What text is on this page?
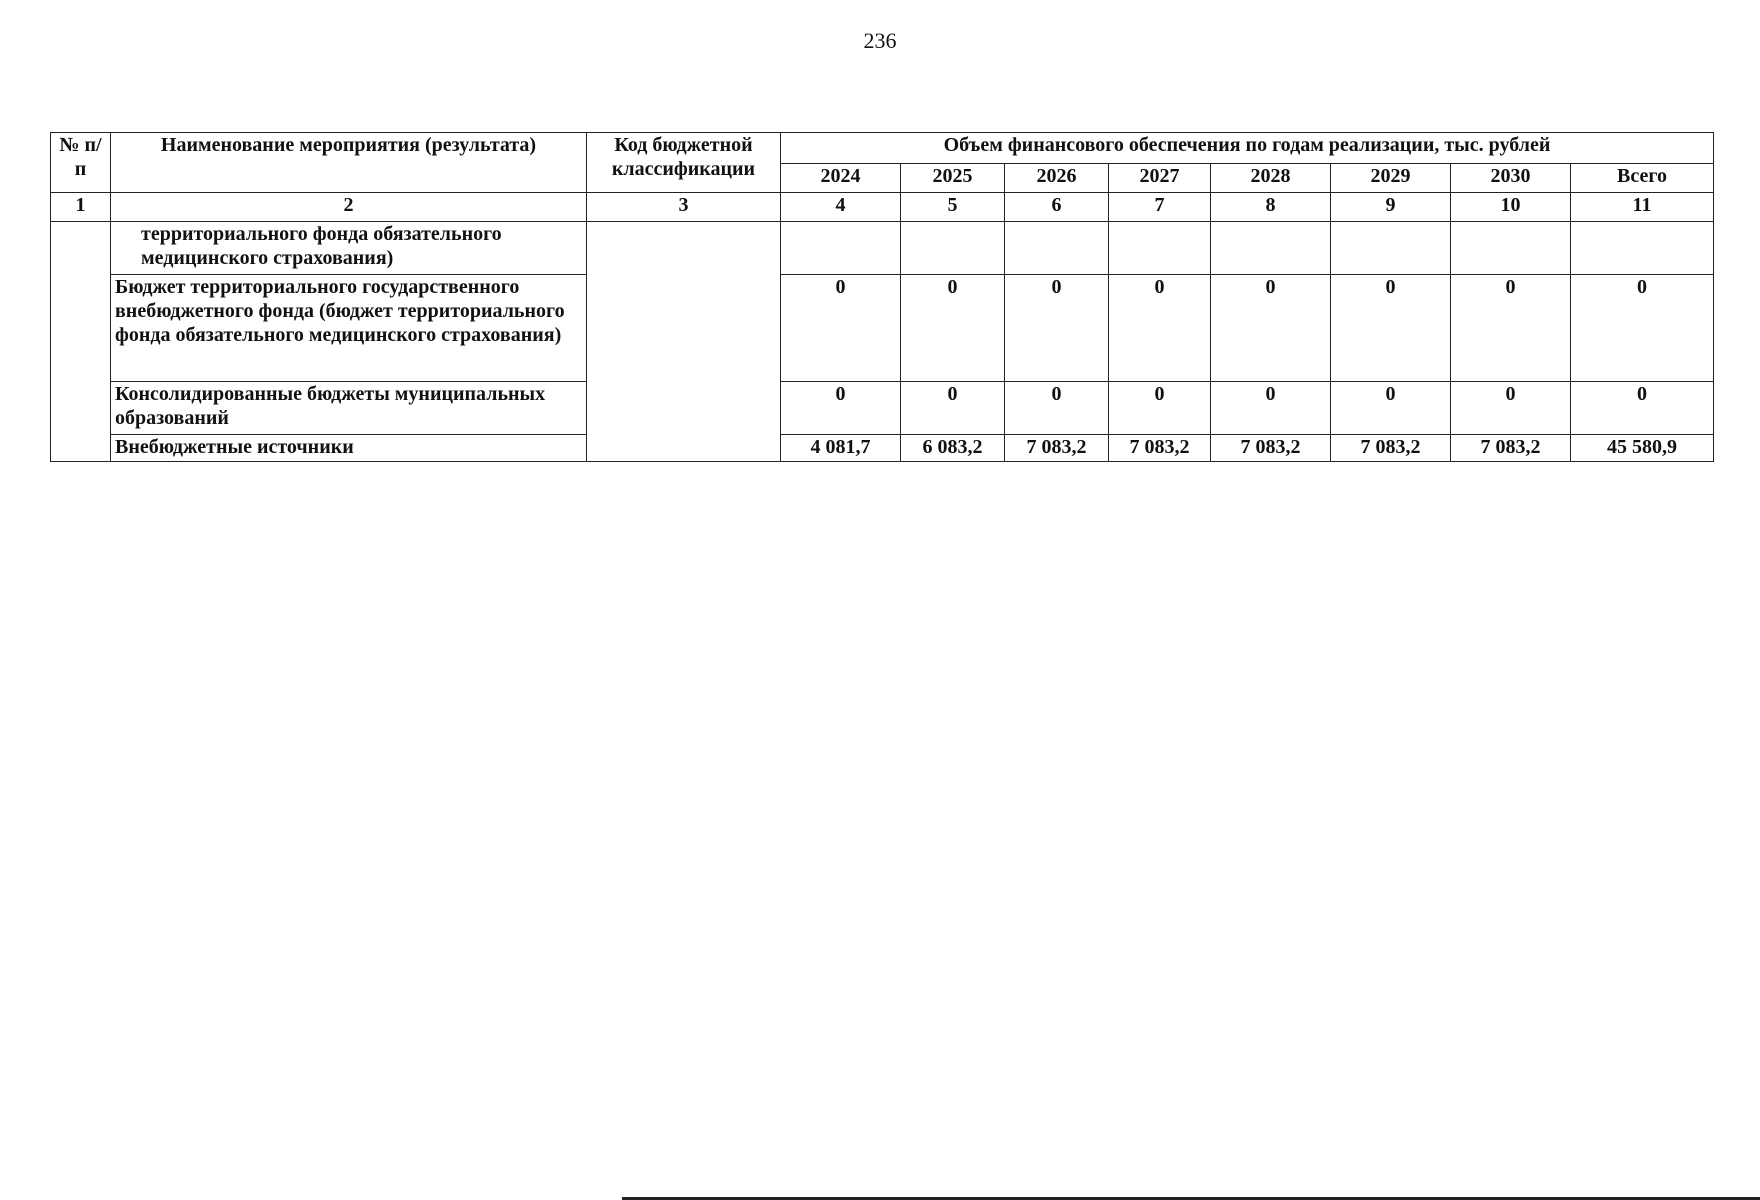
236
№ п/п	Наименование мероприятия (результата)	Код бюджетной классификации	Объем финансового обеспечения по годам реализации, тыс. рублей							
			2024	2025	2026	2027	2028	2029	2030	Всего
1	2	3	4	5	6	7	8	9	10	11
	территориального фонда обязательного медицинского страхования)									
	Бюджет территориального государственного внебюджетного фонда (бюджет территориального фонда обязательного медицинского страхования)		0	0	0	0	0	0	0	0
	Консолидированные бюджеты муниципальных образований		0	0	0	0	0	0	0	0
	Внебюджетные источники		4 081,7	6 083,2	7 083,2	7 083,2	7 083,2	7 083,2	7 083,2	45 580,9
